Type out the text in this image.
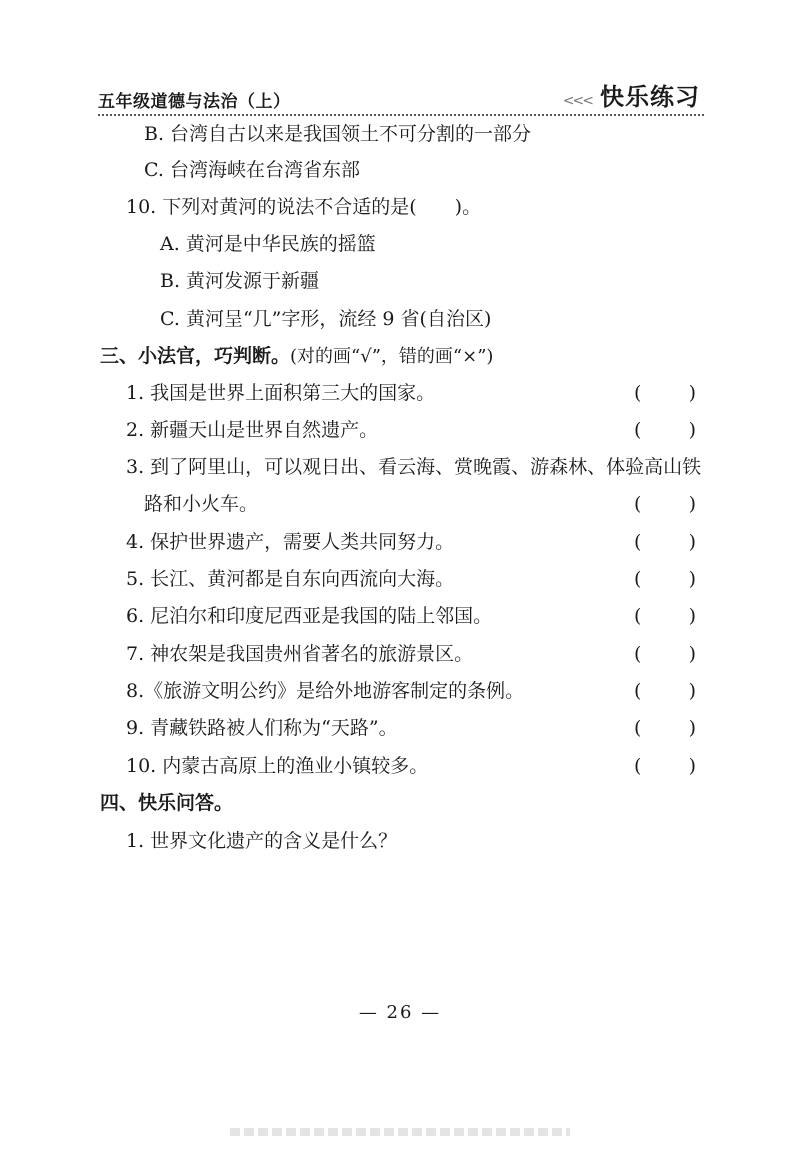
五年级道德与法治（上）	<<< 快乐练习
B. 台湾自古以来是我国领土不可分割的一部分
C. 台湾海峡在台湾省东部
10. 下列对黄河的说法不合适的是(　　)。
A. 黄河是中华民族的摇篮
B. 黄河发源于新疆
C. 黄河呈“几”字形，流经 9 省(自治区)
三、小法官，巧判断。(对的画“√”，错的画“×”)
1. 我国是世界上面积第三大的国家。	( )
2. 新疆天山是世界自然遗产。	( )
3. 到了阿里山，可以观日出、看云海、赏晚霞、游森林、体验高山铁
路和小火车。	( )
4. 保护世界遗产，需要人类共同努力。	( )
5. 长江、黄河都是自东向西流向大海。	( )
6. 尼泊尔和印度尼西亚是我国的陆上邻国。	( )
7. 神农架是我国贵州省著名的旅游景区。	( )
8.《旅游文明公约》是给外地游客制定的条例。	( )
9. 青藏铁路被人们称为“天路”。	( )
10. 内蒙古高原上的渔业小镇较多。	( )
四、快乐问答。
1. 世界文化遗产的含义是什么？
— 26 —
